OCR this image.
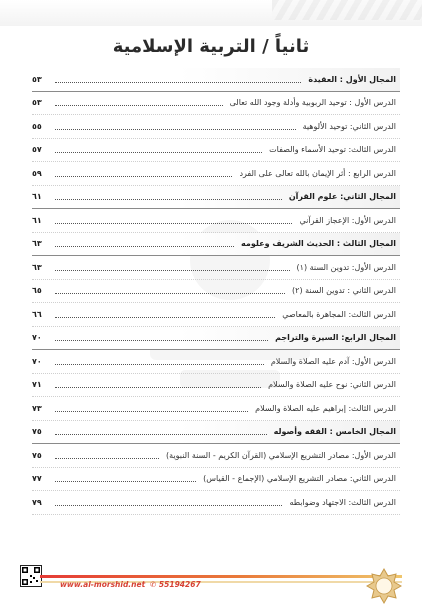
ثانياً / التربية الإسلامية
المجال الأول : العقيدة
٥٣
الدرس الأول : توحيد الربوبية وأدلة وجود الله تعالى
٥٣
الدرس الثاني: توحيد الألوهية
٥٥
الدرس الثالث: توحيد الأسماء والصفات
٥٧
الدرس الرابع : أثر الإيمان بالله تعالى على الفرد
٥٩
المجال الثاني: علوم القرآن
٦١
الدرس الأول: الإعجاز القرآني
٦١
المجال الثالث : الحديث الشريف وعلومه
٦٣
الدرس الأول: تدوين السنة (١)
٦٣
الدرس الثاني : تدوين السنة (٢)
٦٥
الدرس الثالث: المجاهرة بالمعاصي
٦٦
المجال الرابع: السيرة والتراجم
٧٠
الدرس الأول: آدم عليه الصلاة والسلام
٧٠
الدرس الثاني: نوح عليه الصلاة والسلام
٧١
الدرس الثالث: إبراهيم عليه الصلاة والسلام
٧٣
المجال الخامس : الفقه وأصوله
٧٥
الدرس الأول: مصادر التشريع الإسلامي (القرآن الكريم - السنة النبوية)
٧٥
الدرس الثاني: مصادر التشريع الإسلامي (الإجماع - القياس)
٧٧
الدرس الثالث: الاجتهاد وضوابطه
٧٩
www.al-morshid.net ✆ 55194267
